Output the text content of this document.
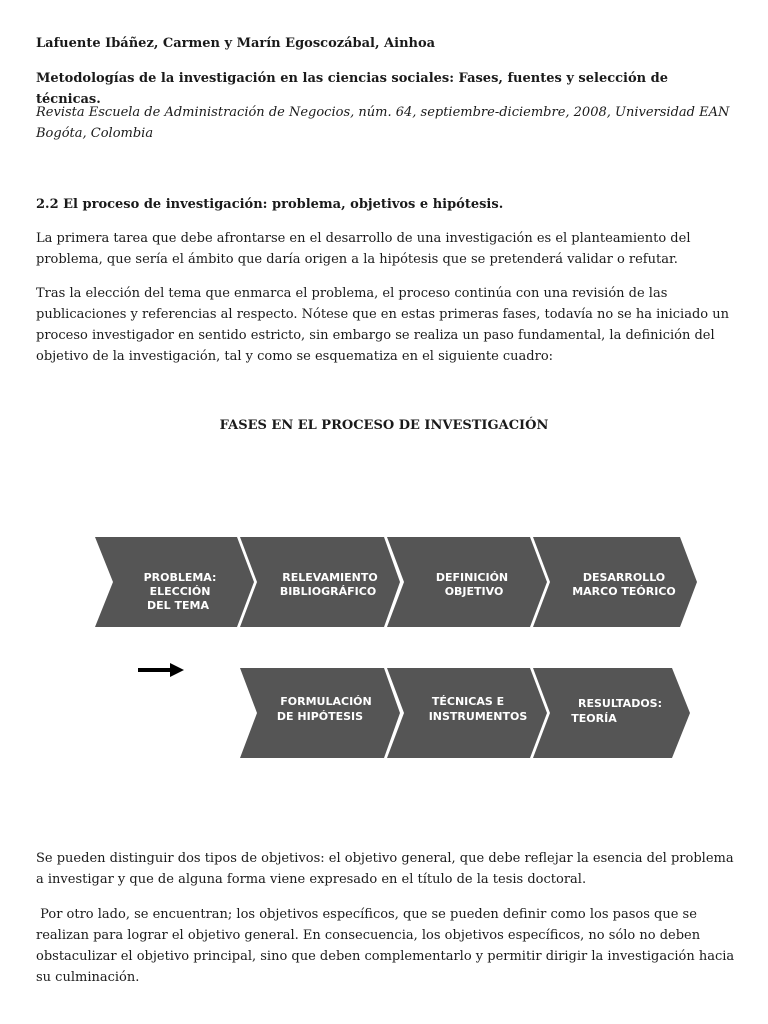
Lafuente Ibáñez, Carmen y Marín Egoscozábal, Ainhoa
Metodologías de la investigación en las ciencias sociales: Fases, fuentes y selección de técnicas.
Revista Escuela de Administración de Negocios, núm. 64, septiembre-diciembre, 2008, Universidad EAN
Bogóta, Colombia
2.2 El proceso de investigación: problema, objetivos e hipótesis.
La primera tarea que debe afrontarse en el desarrollo de una investigación es el planteamiento del problema, que sería el ámbito que daría origen a la hipótesis que se pretenderá validar o refutar.
Tras la elección del tema que enmarca el problema, el proceso continúa con una revisión de las publicaciones y referencias al respecto. Nótese que en estas primeras fases, todavía no se ha iniciado un proceso investigador en sentido estricto, sin embargo se realiza un paso fundamental, la definición del objetivo de la investigación, tal y como se esquematiza en el siguiente cuadro:
FASES EN EL PROCESO DE INVESTIGACIÓN
PROBLEMA:
ELECCIÓN
DEL TEMA
RELEVAMIENTO
BIBLIOGRÁFICO
DEFINICIÓN
OBJETIVO
DESARROLLO
MARCO TEÓRICO
FORMULACIÓN
DE HIPÓTESIS
TÉCNICAS E
INSTRUMENTOS
RESULTADOS:
TEORÍA
Se pueden distinguir dos tipos de objetivos: el objetivo general, que debe reflejar la esencia del problema a investigar y que de alguna forma viene expresado en el título de la tesis doctoral.
Por otro lado, se encuentran; los objetivos específicos, que se pueden definir como los pasos que se realizan para lograr el objetivo general. En consecuencia, los objetivos específicos, no sólo no deben obstaculizar el objetivo principal, sino que deben complementarlo y permitir dirigir la investigación hacia su culminación.
